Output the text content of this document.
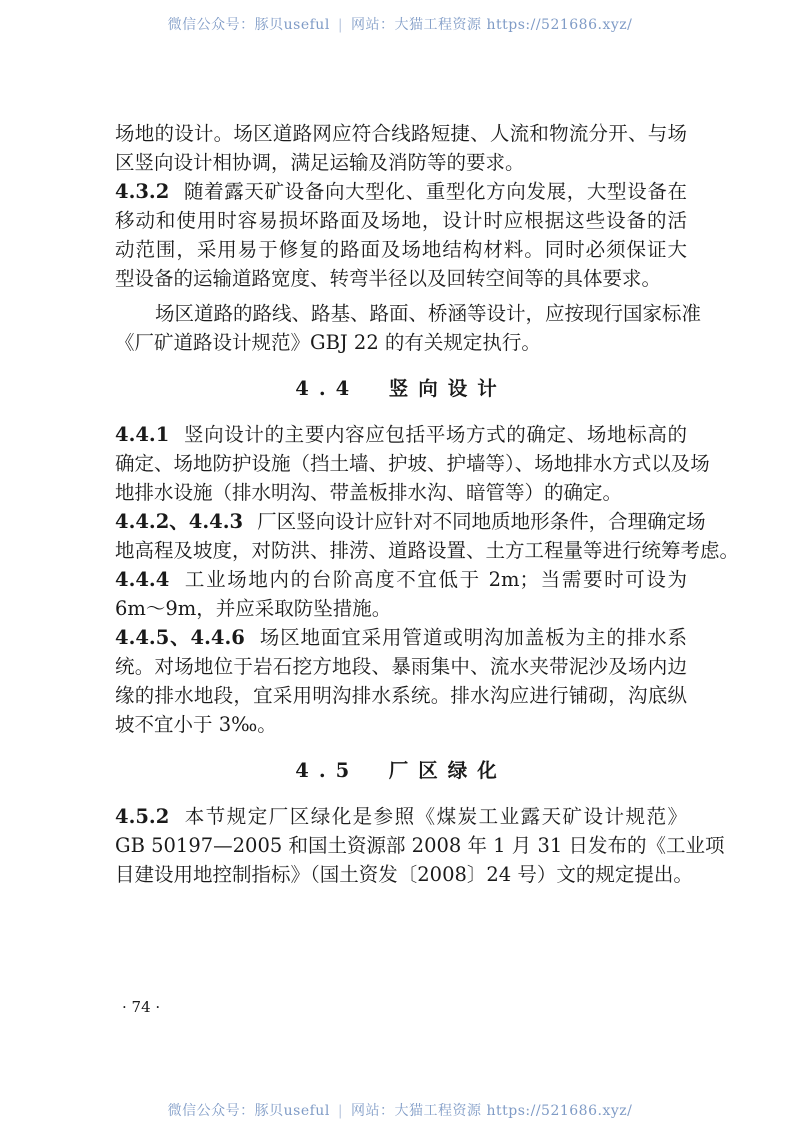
微信公众号：豚贝useful | 网站：大猫工程资源 https://521686.xyz/
场地的设计。场区道路网应符合线路短捷、人流和物流分开、与场
区竖向设计相协调，满足运输及消防等的要求。
4.3.2 随着露天矿设备向大型化、重型化方向发展，大型设备在
移动和使用时容易损坏路面及场地，设计时应根据这些设备的活
动范围，采用易于修复的路面及场地结构材料。同时必须保证大
型设备的运输道路宽度、转弯半径以及回转空间等的具体要求。
场区道路的路线、路基、路面、桥涵等设计，应按现行国家标准
《厂矿道路设计规范》GBJ 22 的有关规定执行。
4.4　竖向设计
4.4.1 竖向设计的主要内容应包括平场方式的确定、场地标高的
确定、场地防护设施（挡土墙、护坡、护墙等）、场地排水方式以及场
地排水设施（排水明沟、带盖板排水沟、暗管等）的确定。
4.4.2、4.4.3 厂区竖向设计应针对不同地质地形条件，合理确定场
地高程及坡度，对防洪、排涝、道路设置、土方工程量等进行统筹考虑。
4.4.4 工业场地内的台阶高度不宜低于 2m；当需要时可设为
6m～9m，并应采取防坠措施。
4.4.5、4.4.6 场区地面宜采用管道或明沟加盖板为主的排水系
统。对场地位于岩石挖方地段、暴雨集中、流水夹带泥沙及场内边
缘的排水地段，宜采用明沟排水系统。排水沟应进行铺砌，沟底纵
坡不宜小于 3‰。
4.5　厂区绿化
4.5.2 本节规定厂区绿化是参照《煤炭工业露天矿设计规范》
GB 50197—2005 和国土资源部 2008 年 1 月 31 日发布的《工业项
目建设用地控制指标》（国土资发〔2008〕24 号）文的规定提出。
· 74 ·
微信公众号：豚贝useful | 网站：大猫工程资源 https://521686.xyz/
